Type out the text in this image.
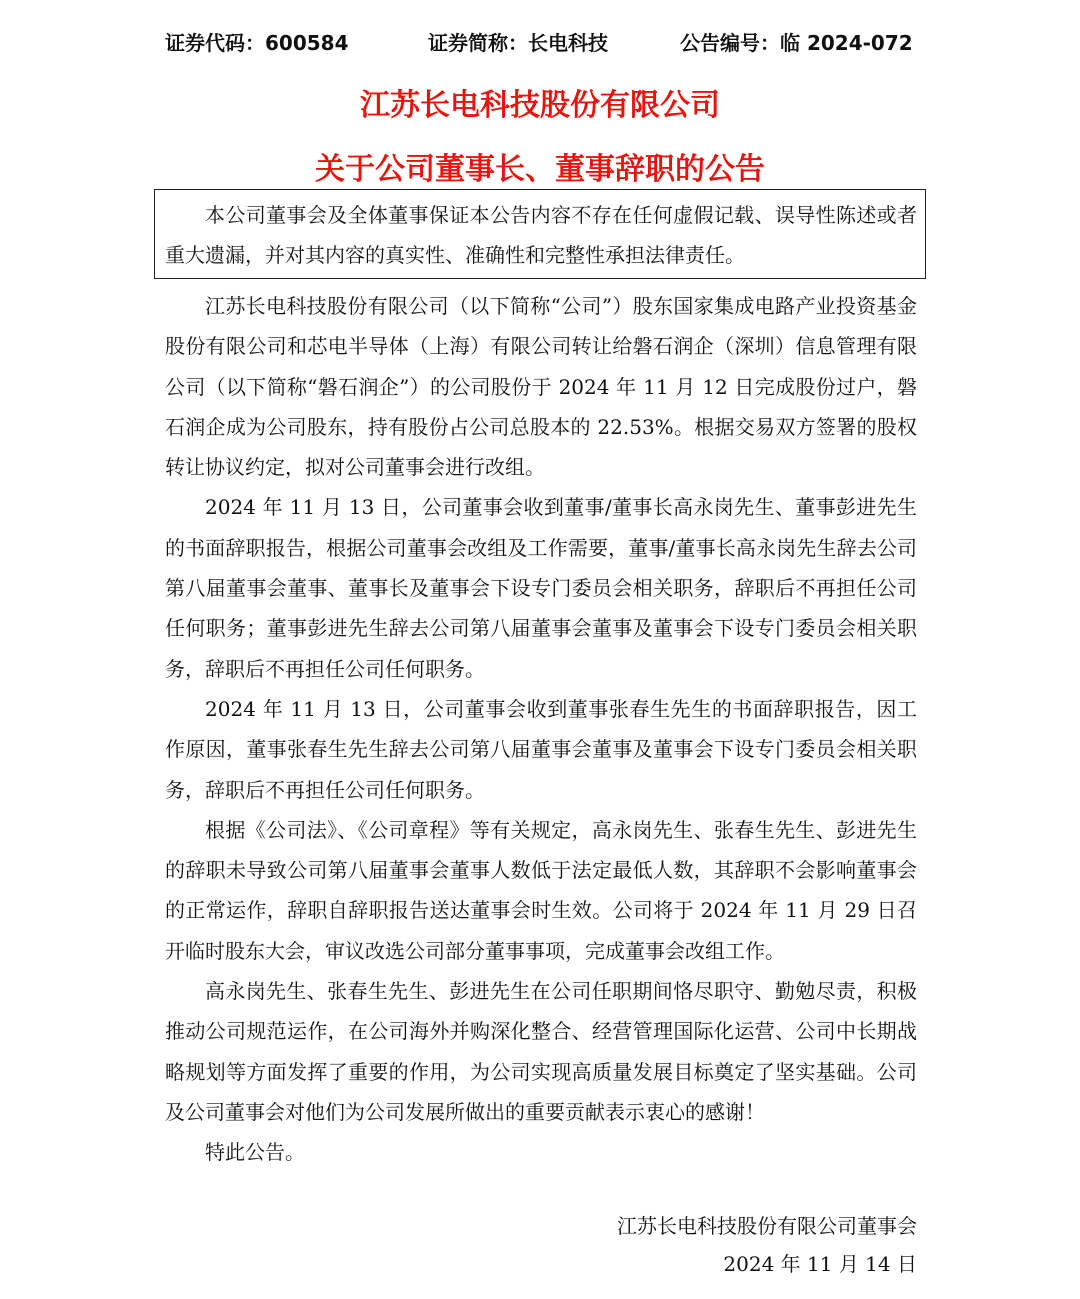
证券代码：600584	证券简称：长电科技	公告编号：临 2024-072
江苏长电科技股份有限公司
关于公司董事长、董事辞职的公告
本公司董事会及全体董事保证本公告内容不存在任何虚假记载、误导性陈述或者重大遗漏，并对其内容的真实性、准确性和完整性承担法律责任。

江苏长电科技股份有限公司（以下简称“公司”）股东国家集成电路产业投资基金股份有限公司和芯电半导体（上海）有限公司转让给磐石润企（深圳）信息管理有限公司（以下简称“磐石润企”）的公司股份于 2024 年 11 月 12 日完成股份过户，磐石润企成为公司股东，持有股份占公司总股本的 22.53%。根据交易双方签署的股权转让协议约定，拟对公司董事会进行改组。

2024 年 11 月 13 日，公司董事会收到董事/董事长高永岗先生、董事彭进先生的书面辞职报告，根据公司董事会改组及工作需要，董事/董事长高永岗先生辞去公司第八届董事会董事、董事长及董事会下设专门委员会相关职务，辞职后不再担任公司任何职务；董事彭进先生辞去公司第八届董事会董事及董事会下设专门委员会相关职务，辞职后不再担任公司任何职务。

2024 年 11 月 13 日，公司董事会收到董事张春生先生的书面辞职报告，因工作原因，董事张春生先生辞去公司第八届董事会董事及董事会下设专门委员会相关职务，辞职后不再担任公司任何职务。

根据《公司法》、《公司章程》等有关规定，高永岗先生、张春生先生、彭进先生的辞职未导致公司第八届董事会董事人数低于法定最低人数，其辞职不会影响董事会的正常运作，辞职自辞职报告送达董事会时生效。公司将于 2024 年 11 月 29 日召开临时股东大会，审议改选公司部分董事事项，完成董事会改组工作。

高永岗先生、张春生先生、彭进先生在公司任职期间恪尽职守、勤勉尽责，积极推动公司规范运作，在公司海外并购深化整合、经营管理国际化运营、公司中长期战略规划等方面发挥了重要的作用，为公司实现高质量发展目标奠定了坚实基础。公司及公司董事会对他们为公司发展所做出的重要贡献表示衷心的感谢！

特此公告。

江苏长电科技股份有限公司董事会
2024 年 11 月 14 日
